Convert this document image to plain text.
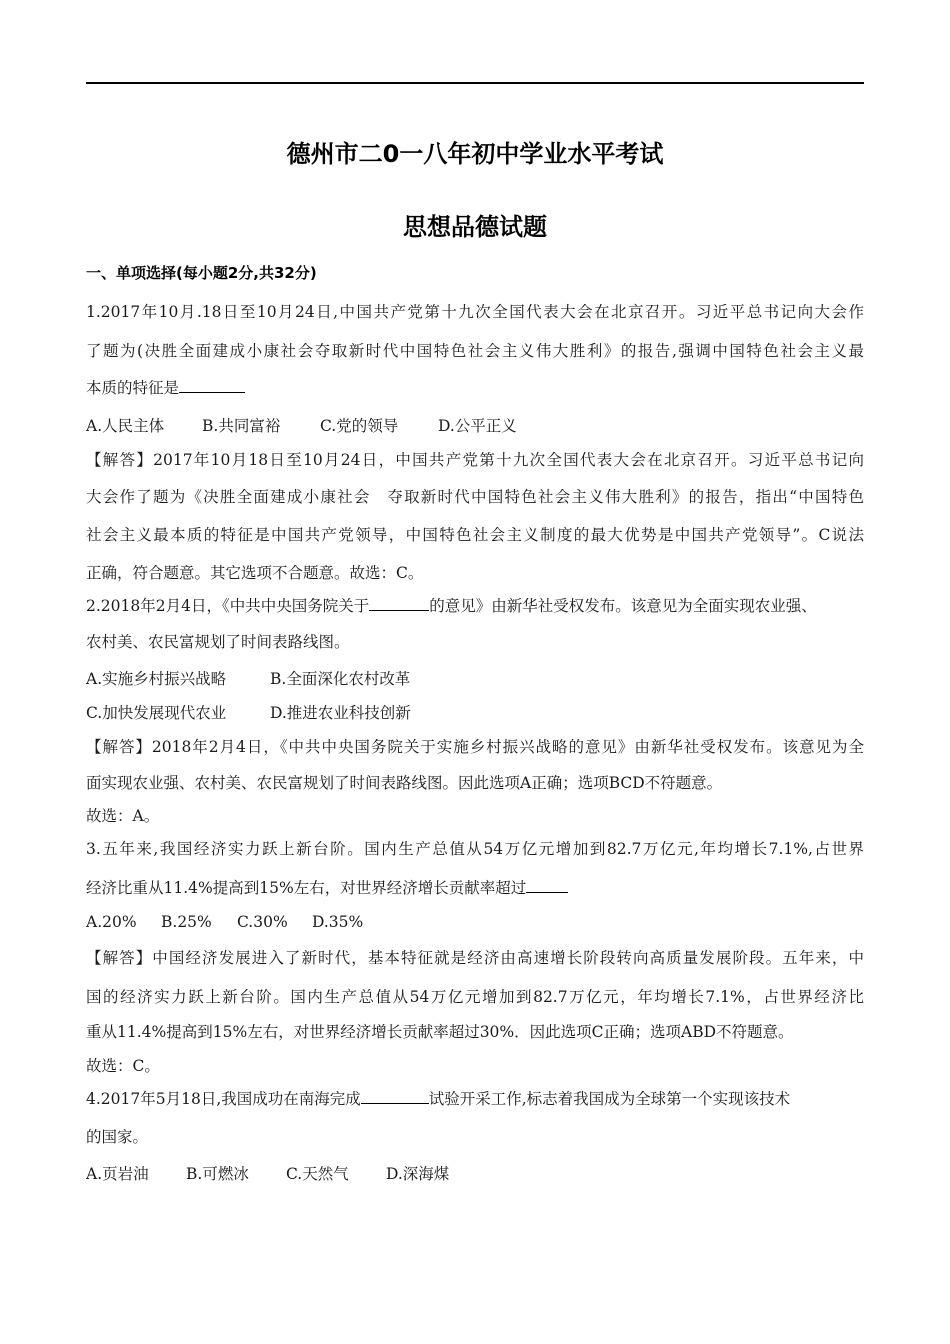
德州市二0一八年初中学业水平考试
思想品德试题
一、单项选择(每小题2分,共32分)
1.2017年10月.18日至10月24日,中国共产党第十九次全国代表大会在北京召开。习近平总书记向大会作
了题为(决胜全面建成小康社会夺取新时代中国特色社会主义伟大胜利》的报告,强调中国特色社会主义最
本质的特征是
A.人民主体 B.共同富裕	C.党的领导	D.公平正义
【解答】2017年10月18日至10月24日，中国共产党第十九次全国代表大会在北京召开。习近平总书记向
大会作了题为《决胜全面建成小康社会　夺取新时代中国特色社会主义伟大胜利》的报告，指出“中国特色
社会主义最本质的特征是中国共产党领导，中国特色社会主义制度的最大优势是中国共产党领导”。C说法
正确，符合题意。其它选项不合题意。故选：C。
2.2018年2月4日，《中共中央国务院关于	的意见》由新华社受权发布。该意见为全面实现农业强、
农村美、农民富规划了时间表路线图。
A.实施乡村振兴战略	B.全面深化农村改革
C.加快发展现代农业	D.推进农业科技创新
【解答】2018年2月4日，《中共中央国务院关于实施乡村振兴战略的意见》由新华社受权发布。该意见为全
面实现农业强、农村美、农民富规划了时间表路线图。因此选项A正确；选项BCD不符题意。
故选：A。
3.五年来,我国经济实力跃上新台阶。国内生产总值从54万亿元增加到82.7万亿元,年均增长7.1%,占世界
经济比重从11.4%提高到15%左右，对世界经济增长贡献率超过
A.20% B.25% C.30% D.35%
【解答】中国经济发展进入了新时代，基本特征就是经济由高速增长阶段转向高质量发展阶段。五年来，中
国的经济实力跃上新台阶。国内生产总值从54万亿元增加到82.7万亿元，年均增长7.1%，占世界经济比
重从11.4%提高到15%左右，对世界经济增长贡献率超过30%．因此选项C正确；选项ABD不符题意。
故选：C。
4.2017年5月18日,我国成功在南海完成	试验开采工作,标志着我国成为全球第一个实现该技术
的国家。
A.页岩油 B.可燃冰 C.天然气 D.深海煤
